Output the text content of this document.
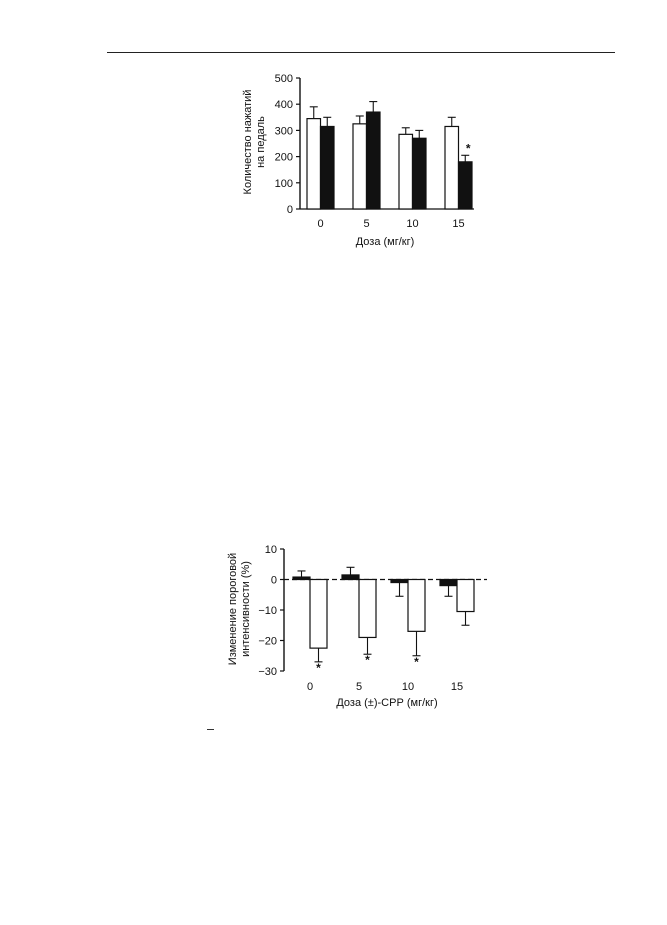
Количество нажатий на педаль
Доза (мг/кг)
0
100
200
300
400
500
0	5	10	15
*
Изменение пороговой интенсивности (%)
Доза (±)-СРР (мг/кг)
10
0
−10
−20
−30
0
*
5
*
10
*
15
